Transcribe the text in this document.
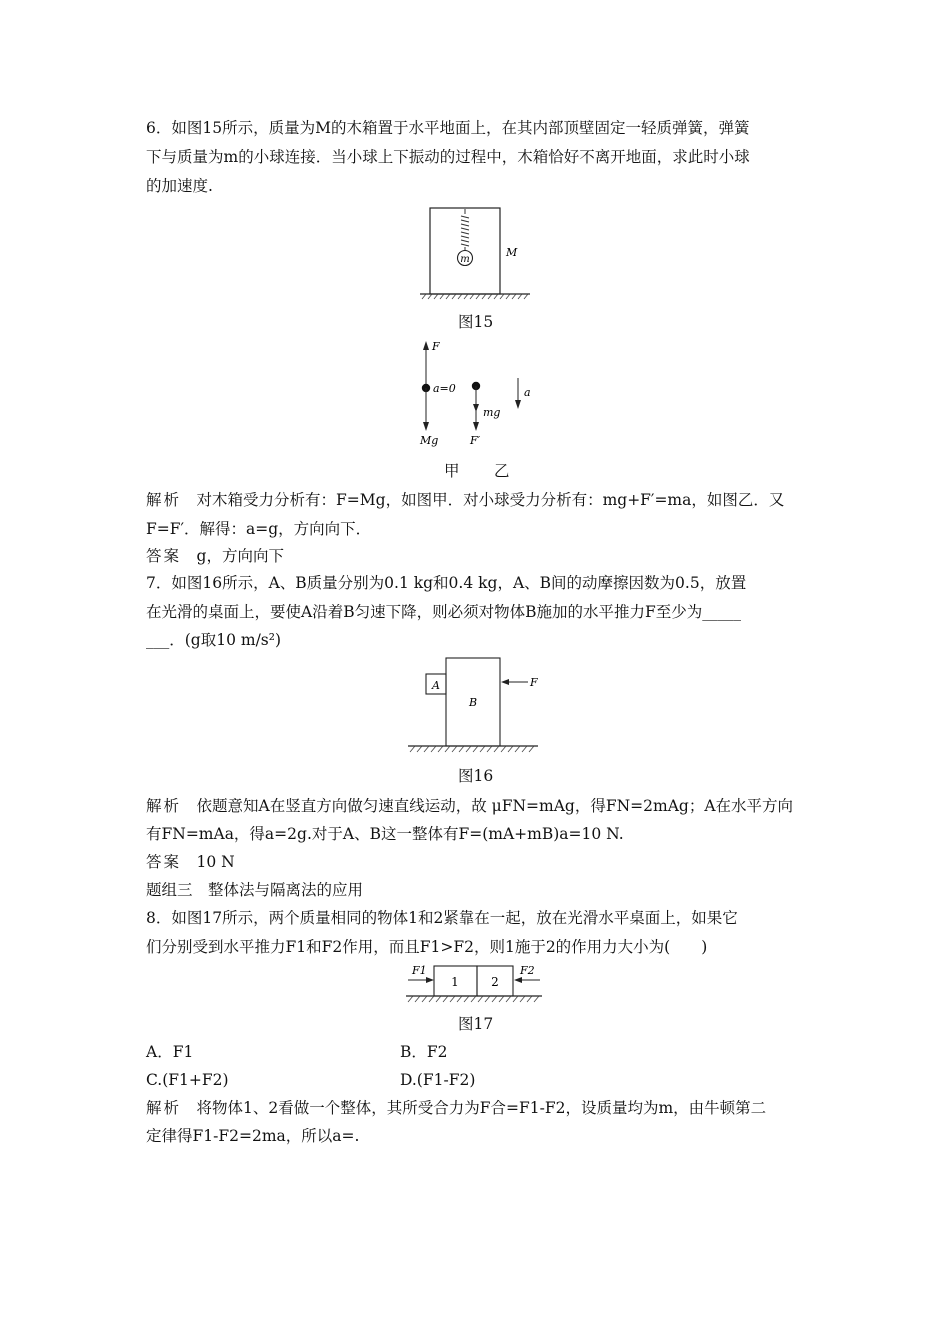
6．如图15所示，质量为M的木箱置于水平地面上，在其内部顶壁固定一轻质弹簧，弹簧
下与质量为m的小球连接．当小球上下振动的过程中，木箱恰好不离开地面，求此时小球
的加速度.
m
M
图15
F
a=0
Mg
mg
F′
a
甲 乙
解析　 对木箱受力分析有：F=Mg，如图甲．对小球受力分析有：mg+F′=ma，如图乙．又
F=F′．解得：a=g，方向向下．
答案　 g，方向向下
7．如图16所示，A、B质量分别为0.1 kg和0.4 kg，A、B间的动摩擦因数为0.5，放置
在光滑的桌面上，要使A沿着B匀速下降，则必须对物体B施加的水平推力F至少为_____
___．(g取10 m/s²)
A
B
F
图16
解析　 依题意知A在竖直方向做匀速直线运动，故 μFN=mAg，得FN=2mAg；A在水平方向
有FN=mAa，得a=2g.对于A、B这一整体有F=(mA+mB)a=10 N.
答案　 10 N
题组三　整体法与隔离法的应用
8．如图17所示，两个质量相同的物体1和2紧靠在一起，放在光滑水平桌面上，如果它
们分别受到水平推力F1和F2作用，而且F1>F2，则1施于2的作用力大小为(　　)
1	2
F1	F2
图17
A．F1	B．F2
C.(F1+F2)	D.(F1-F2)
解析　 将物体1、2看做一个整体，其所受合力为F合=F1-F2，设质量均为m，由牛顿第二
定律得F1-F2=2ma，所以a=.
